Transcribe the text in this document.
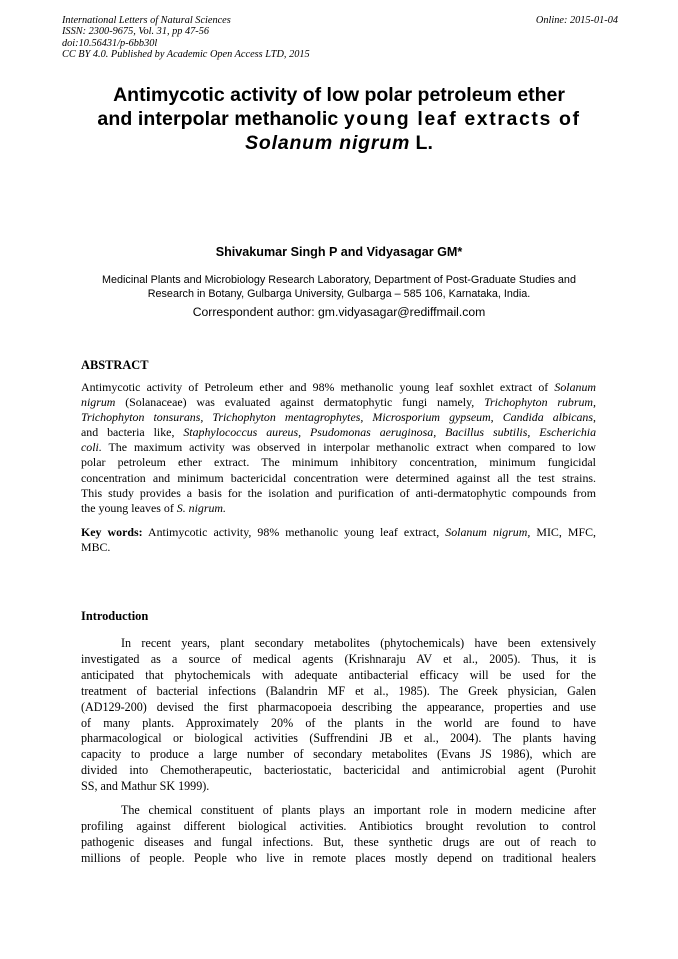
International Letters of Natural Sciences
ISSN: 2300-9675, Vol. 31, pp 47-56
doi:10.56431/p-6bb30l
CC BY 4.0. Published by Academic Open Access LTD, 2015
Online: 2015-01-04
Antimycotic activity of low polar petroleum ether
and interpolar methanolic young leaf extracts of
Solanum nigrum L.
Shivakumar Singh P and Vidyasagar GM*
Medicinal Plants and Microbiology Research Laboratory, Department of Post-Graduate Studies and
Research in Botany, Gulbarga University, Gulbarga – 585 106, Karnataka, India.
Correspondent author: gm.vidyasagar@rediffmail.com
ABSTRACT
Antimycotic activity of Petroleum ether and 98% methanolic young leaf soxhlet extract of Solanum
nigrum (Solanaceae) was evaluated against dermatophytic fungi namely, Trichophyton rubrum,
Trichophyton tonsurans, Trichophyton mentagrophytes, Microsporium gypseum, Candida albicans,
and bacteria like, Staphylococcus aureus, Psudomonas aeruginosa, Bacillus subtilis, Escherichia
coli. The maximum activity was observed in interpolar methanolic extract when compared to low
polar petroleum ether extract. The minimum inhibitory concentration, minimum fungicidal
concentration and minimum bactericidal concentration were determined against all the test strains.
This study provides a basis for the isolation and purification of anti-dermatophytic compounds from
the young leaves of S. nigrum.
Key words: Antimycotic activity, 98% methanolic young leaf extract, Solanum nigrum, MIC, MFC,
MBC.
Introduction
In recent years, plant secondary metabolites (phytochemicals) have been extensively
investigated as a source of medical agents (Krishnaraju AV et al., 2005). Thus, it is
anticipated that phytochemicals with adequate antibacterial efficacy will be used for the
treatment of bacterial infections (Balandrin MF et al., 1985). The Greek physician, Galen
(AD129-200) devised the first pharmacopoeia describing the appearance, properties and use
of many plants. Approximately 20% of the plants in the world are found to have
pharmacological or biological activities (Suffrendini JB et al., 2004). The plants having
capacity to produce a large number of secondary metabolites (Evans JS 1986), which are
divided into Chemotherapeutic, bacteriostatic, bactericidal and antimicrobial agent (Purohit
SS, and Mathur SK 1999).
The chemical constituent of plants plays an important role in modern medicine after
profiling against different biological activities. Antibiotics brought revolution to control
pathogenic diseases and fungal infections. But, these synthetic drugs are out of reach to
millions of people. People who live in remote places mostly depend on traditional healers
